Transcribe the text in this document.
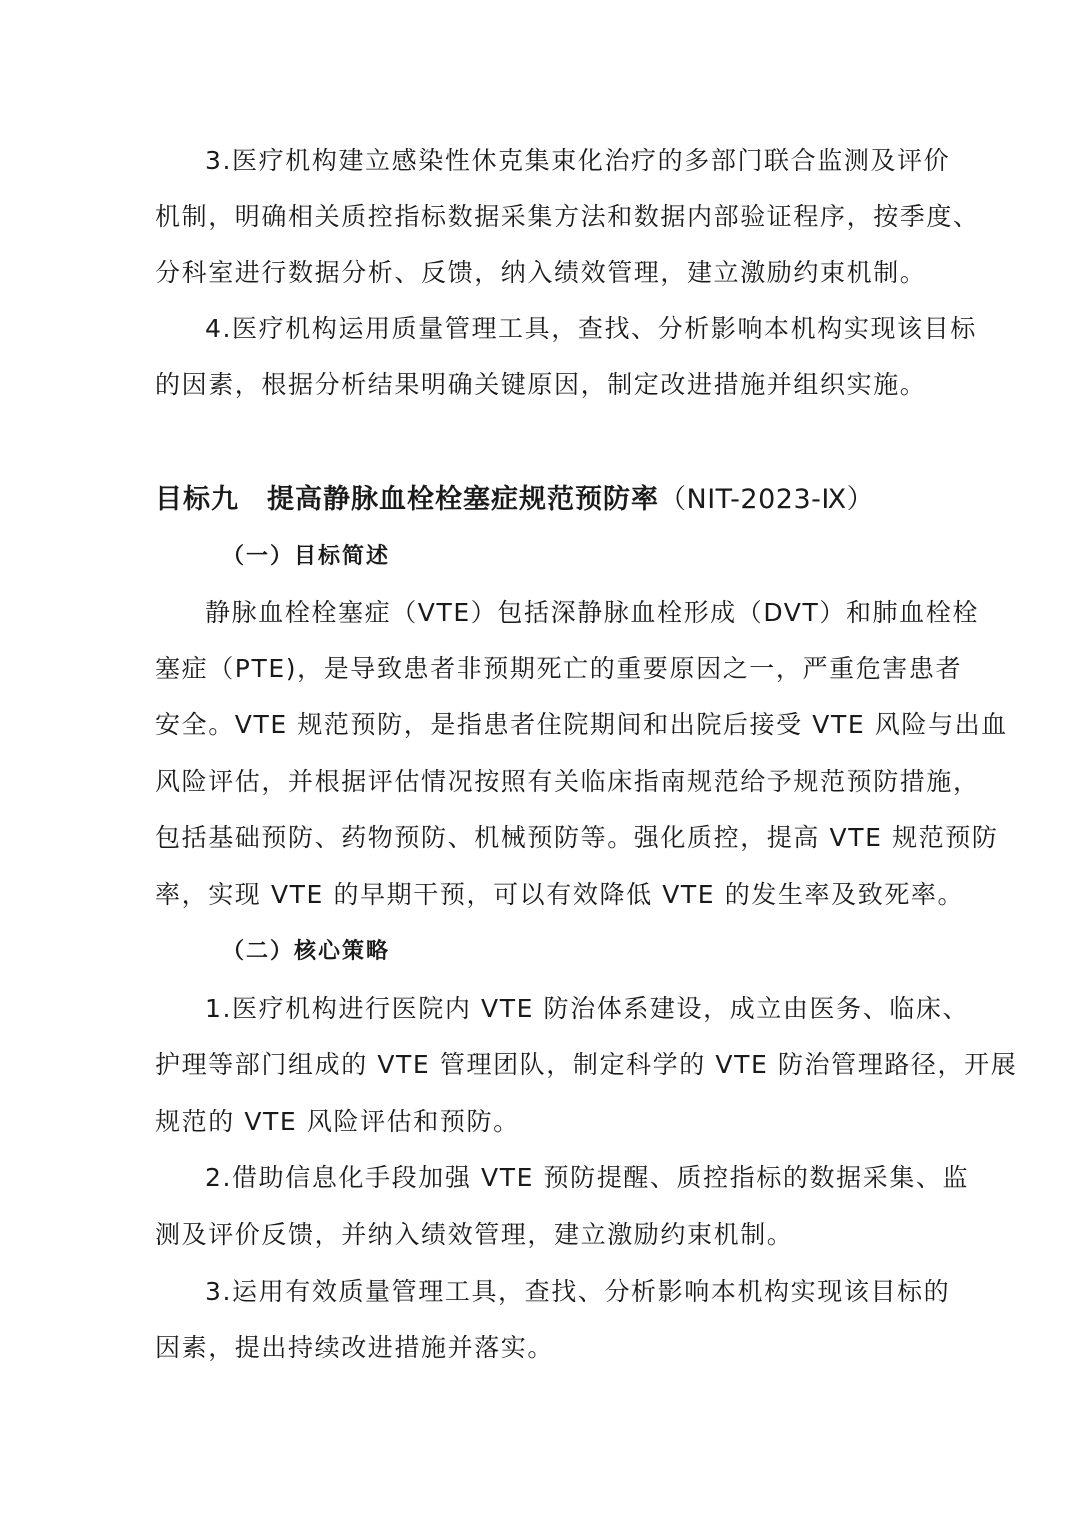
3.医疗机构建立感染性休克集束化治疗的多部门联合监测及评价
机制，明确相关质控指标数据采集方法和数据内部验证程序，按季度、
分科室进行数据分析、反馈，纳入绩效管理，建立激励约束机制。
4.医疗机构运用质量管理工具，查找、分析影响本机构实现该目标
的因素，根据分析结果明确关键原因，制定改进措施并组织实施。
目标九　提高静脉血栓栓塞症规范预防率（NIT-2023-Ⅸ）
（一）目标简述
静脉血栓栓塞症（VTE）包括深静脉血栓形成（DVT）和肺血栓栓
塞症（PTE)，是导致患者非预期死亡的重要原因之一，严重危害患者
安全。VTE 规范预防，是指患者住院期间和出院后接受 VTE 风险与出血
风险评估，并根据评估情况按照有关临床指南规范给予规范预防措施，
包括基础预防、药物预防、机械预防等。强化质控，提高 VTE 规范预防
率，实现 VTE 的早期干预，可以有效降低 VTE 的发生率及致死率。
（二）核心策略
1.医疗机构进行医院内 VTE 防治体系建设，成立由医务、临床、
护理等部门组成的 VTE 管理团队，制定科学的 VTE 防治管理路径，开展
规范的 VTE 风险评估和预防。
2.借助信息化手段加强 VTE 预防提醒、质控指标的数据采集、监
测及评价反馈，并纳入绩效管理，建立激励约束机制。
3.运用有效质量管理工具，查找、分析影响本机构实现该目标的
因素，提出持续改进措施并落实。
